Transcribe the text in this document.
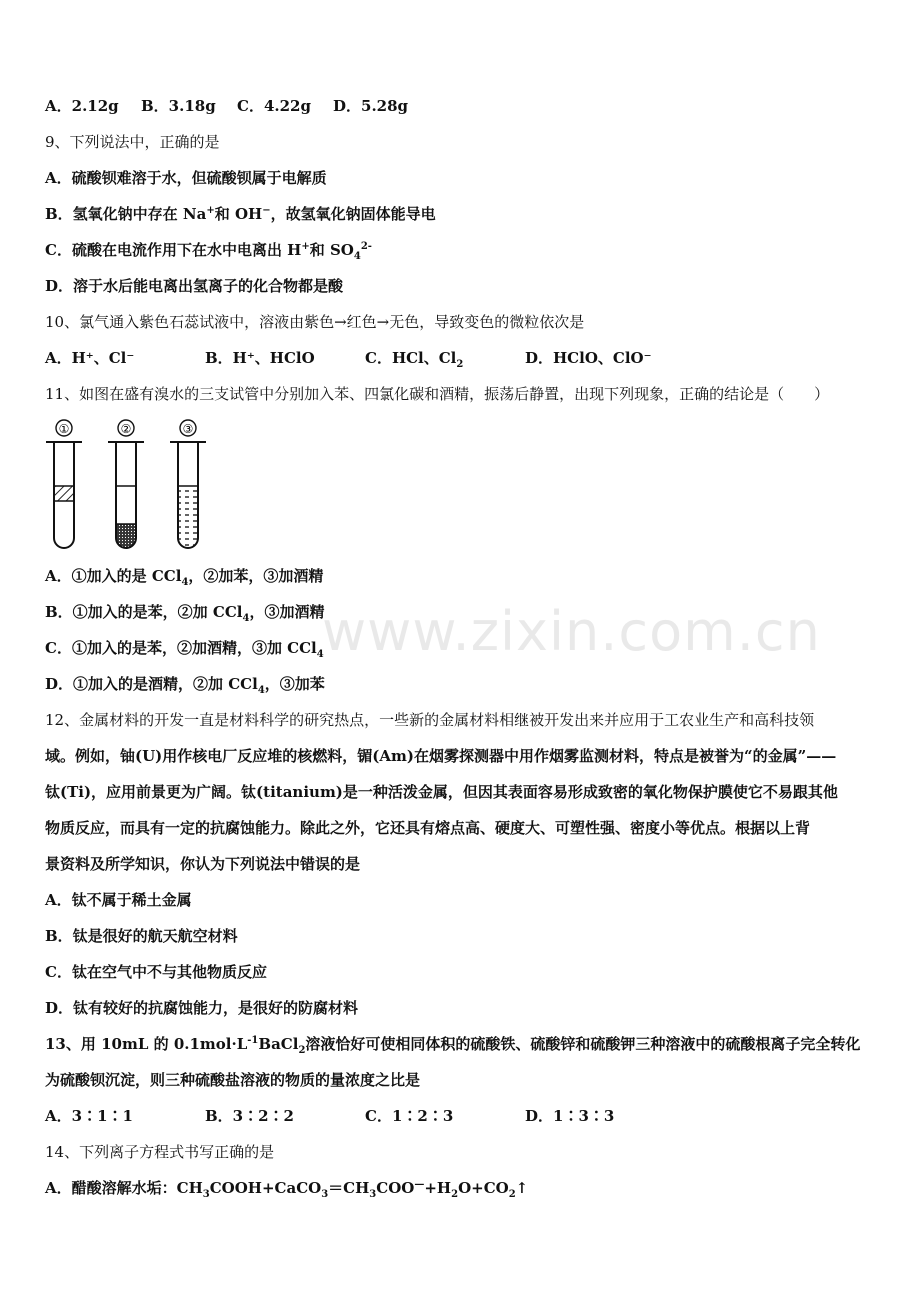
A．2.12g B．3.18g C．4.22g D．5.28g
9、下列说法中，正确的是
A．硫酸钡难溶于水，但硫酸钡属于电解质
B．氢氧化钠中存在 Na+和 OH−，故氢氧化钠固体能导电
C．硫酸在电流作用下在水中电离出 H+和 $SO_4^{2-}$
D．溶于水后能电离出氢离子的化合物都是酸
10、氯气通入紫色石蕊试液中，溶液由紫色→红色→无色，导致变色的微粒依次是
A．H⁺、Cl⁻	B．H⁺、HClO	C．HCl、$Cl_2$	D．HClO、ClO⁻
11、如图在盛有溴水的三支试管中分别加入苯、四氯化碳和酒精，振荡后静置，出现下列现象，正确的结论是（　　）
①	②	③
A．①加入的是 CCl$_4$，②加苯，③加酒精
B．①加入的是苯，②加 CCl$_4$，③加酒精
C．①加入的是苯，②加酒精，③加 CCl$_4$
D．①加入的是酒精，②加 CCl$_4$，③加苯
12、金属材料的开发一直是材料科学的研究热点，一些新的金属材料相继被开发出来并应用于工农业生产和高科技领
域。例如，铀(U)用作核电厂反应堆的核燃料，镅(Am)在烟雾探测器中用作烟雾监测材料，特点是被誉为“的金属”——
钛(Ti)，应用前景更为广阔。钛(titanium)是一种活泼金属，但因其表面容易形成致密的氧化物保护膜使它不易跟其他
物质反应，而具有一定的抗腐蚀能力。除此之外，它还具有熔点高、硬度大、可塑性强、密度小等优点。根据以上背
景资料及所学知识，你认为下列说法中错误的是
A．钛不属于稀土金属
B．钛是很好的航天航空材料
C．钛在空气中不与其他物质反应
D．钛有较好的抗腐蚀能力，是很好的防腐材料
13、用 10mL 的 $0.1mol\cdot L^{-1}BaCl_2$溶液恰好可使相同体积的硫酸铁、硫酸锌和硫酸钾三种溶液中的硫酸根离子完全转化
为硫酸钡沉淀，则三种硫酸盐溶液的物质的量浓度之比是
A．3∶1∶1	B．3∶2∶2	C．1∶2∶3	D．1∶3∶3
14、下列离子方程式书写正确的是
A．醋酸溶解水垢：$CH_3COOH+CaCO_3=CH_3COO^—+H_2O+CO_2↑$
www.zixin.com.cn
